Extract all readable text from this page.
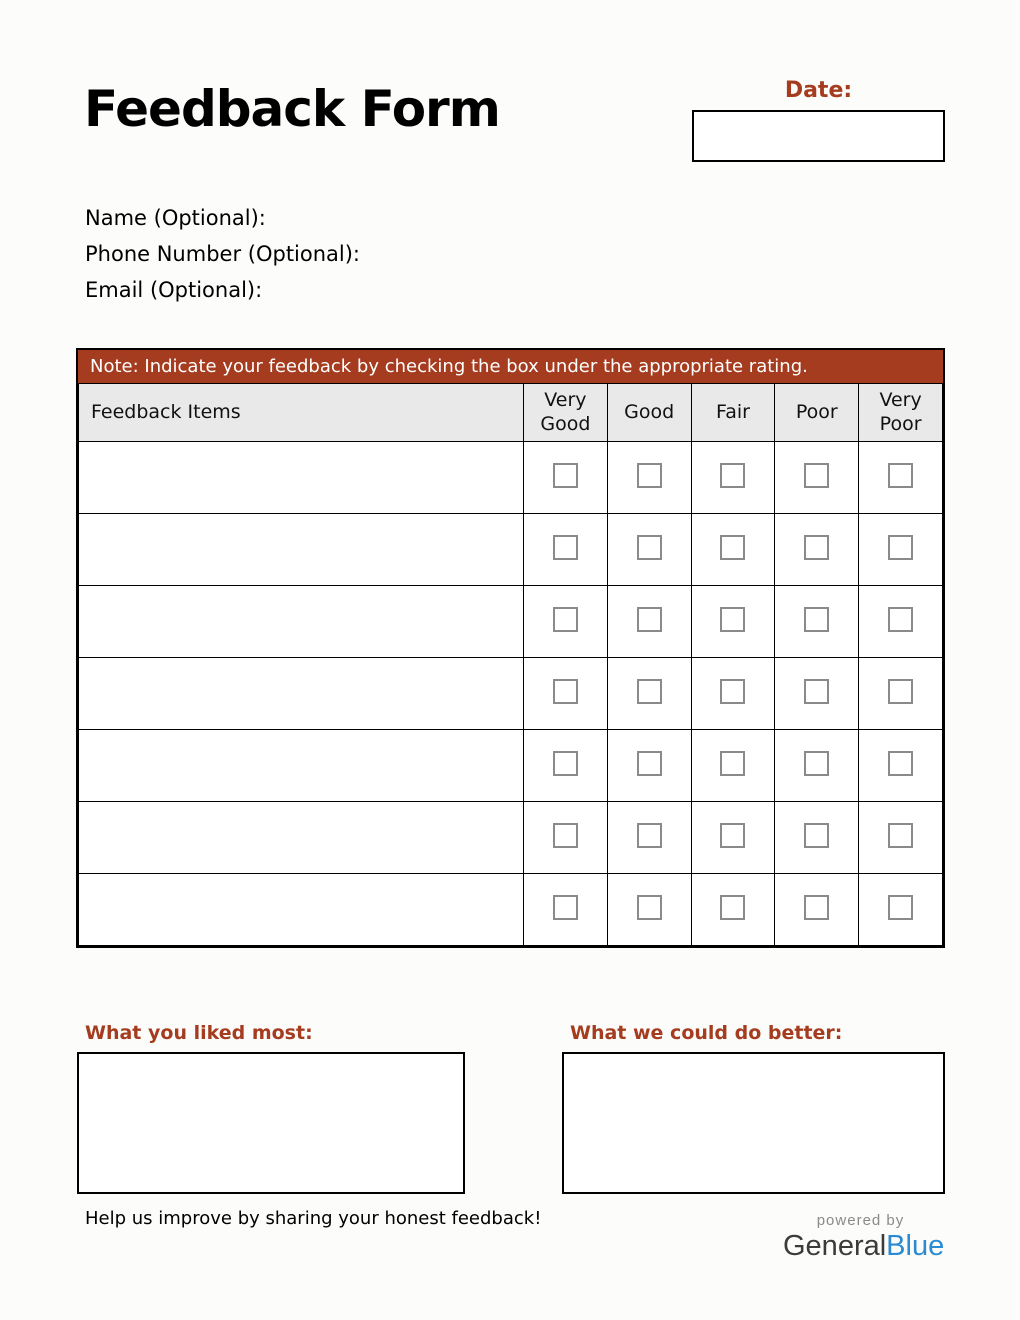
Feedback Form	Date:
Name (Optional):
Phone Number (Optional):
Email (Optional):
Note: Indicate your feedback by checking the box under the appropriate rating.
Feedback Items	Very Good	Good	Fair	Poor	Very Poor

What you liked most:	What we could do better:
Help us improve by sharing your honest feedback!	powered by
GeneralBlue
